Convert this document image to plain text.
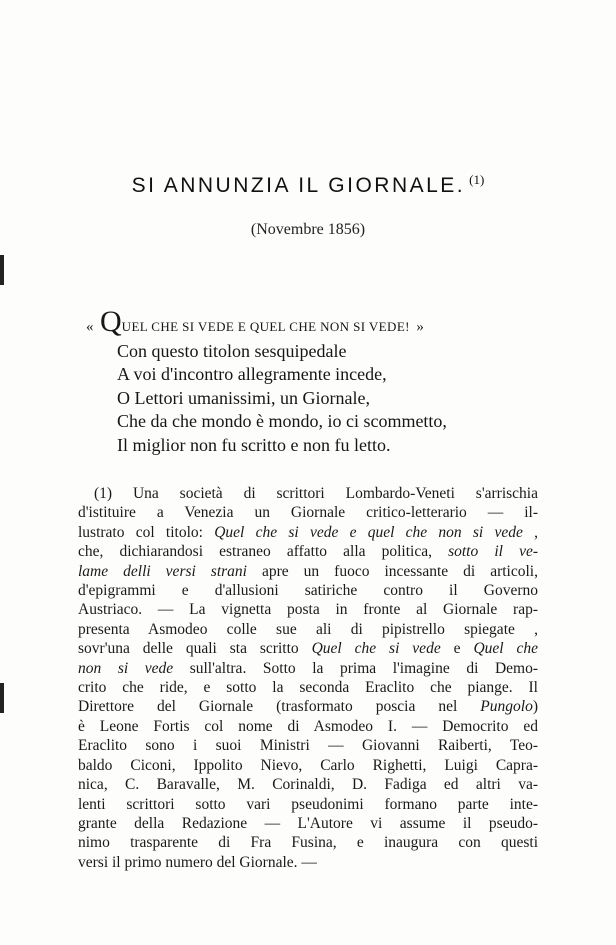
SI ANNUNZIA IL GIORNALE. $^{(1)}$
(Novembre 1856)
« QUEL CHE SI VEDE E QUEL CHE NON SI VEDE! »
Con questo titolon sesquipedale
A voi d'incontro allegramente incede,
O Lettori umanissimi, un Giornale,
Che da che mondo è mondo, io ci scommetto,
Il miglior non fu scritto e non fu letto.
(1) Una società di scrittori Lombardo-Veneti s'arrischia
d'istituire a Venezia un Giornale critico-letterario — il-
lustrato col titolo: Quel che si vede e quel che non si vede ,
che, dichiarandosi estraneo affatto alla politica, sotto il ve-
lame delli versi strani apre un fuoco incessante di articoli,
d'epigrammi e d'allusioni satiriche contro il Governo
Austriaco. — La vignetta posta in fronte al Giornale rap-
presenta Asmodeo colle sue ali di pipistrello spiegate ,
sovr'una delle quali sta scritto Quel che si vede e Quel che
non si vede sull'altra. Sotto la prima l'imagine di Demo-
crito che ride, e sotto la seconda Eraclito che piange. Il
Direttore del Giornale (trasformato poscia nel Pungolo)
è Leone Fortis col nome di Asmodeo I. — Democrito ed
Eraclito sono i suoi Ministri — Giovanni Raiberti, Teo-
baldo Ciconi, Ippolito Nievo, Carlo Righetti, Luigi Capra-
nica, C. Baravalle, M. Corinaldi, D. Fadiga ed altri va-
lenti scrittori sotto vari pseudonimi formano parte inte-
grante della Redazione — L'Autore vi assume il pseudo-
nimo trasparente di Fra Fusina, e inaugura con questi
versi il primo numero del Giornale. —
